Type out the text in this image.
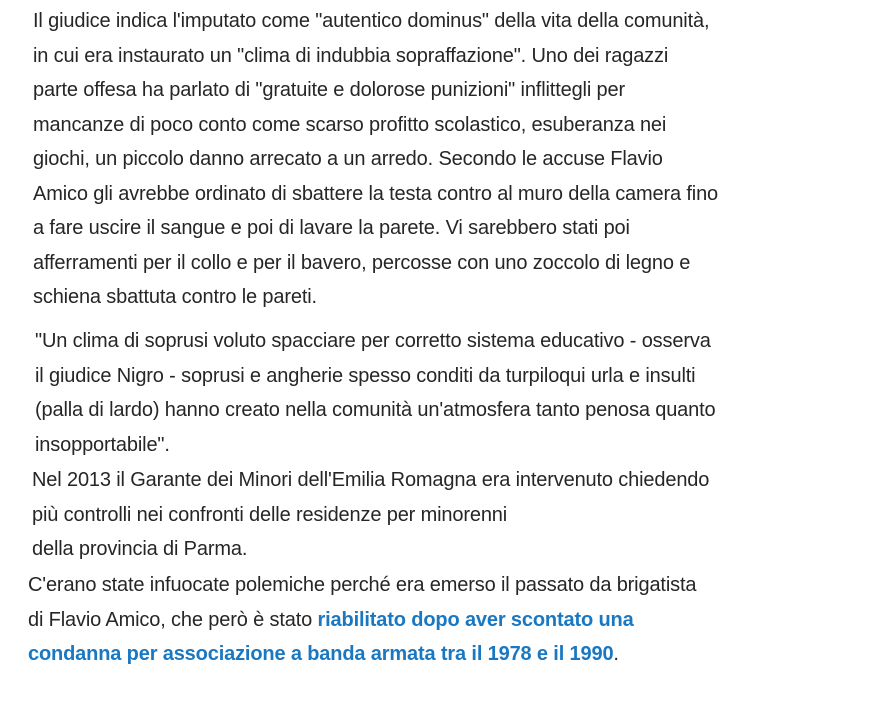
Il giudice indica l'imputato come "autentico dominus" della vita della comunità,
in cui era instaurato un "clima di indubbia sopraffazione". Uno dei ragazzi
parte offesa ha parlato di "gratuite e dolorose punizioni" inflittegli per
mancanze di poco conto come scarso profitto scolastico, esuberanza nei
giochi, un piccolo danno arrecato a un arredo. Secondo le accuse Flavio
Amico gli avrebbe ordinato di sbattere la testa contro al muro della camera fino
a fare uscire il sangue e poi di lavare la parete. Vi sarebbero stati poi
afferramenti per il collo e per il bavero, percosse con uno zoccolo di legno e
schiena sbattuta contro le pareti.

"Un clima di soprusi voluto spacciare per corretto sistema educativo - osserva
il giudice Nigro - soprusi e angherie spesso conditi da turpiloqui urla e insulti
(palla di lardo) hanno creato nella comunità un'atmosfera tanto penosa quanto
insopportabile".

Nel 2013 il Garante dei Minori dell'Emilia Romagna era intervenuto chiedendo
più controlli nei confronti delle residenze per minorenni
della provincia di Parma.

C'erano state infuocate polemiche perché era emerso il passato da brigatista
di Flavio Amico, che però è stato riabilitato dopo aver scontato una
condanna per associazione a banda armata tra il 1978 e il 1990.
